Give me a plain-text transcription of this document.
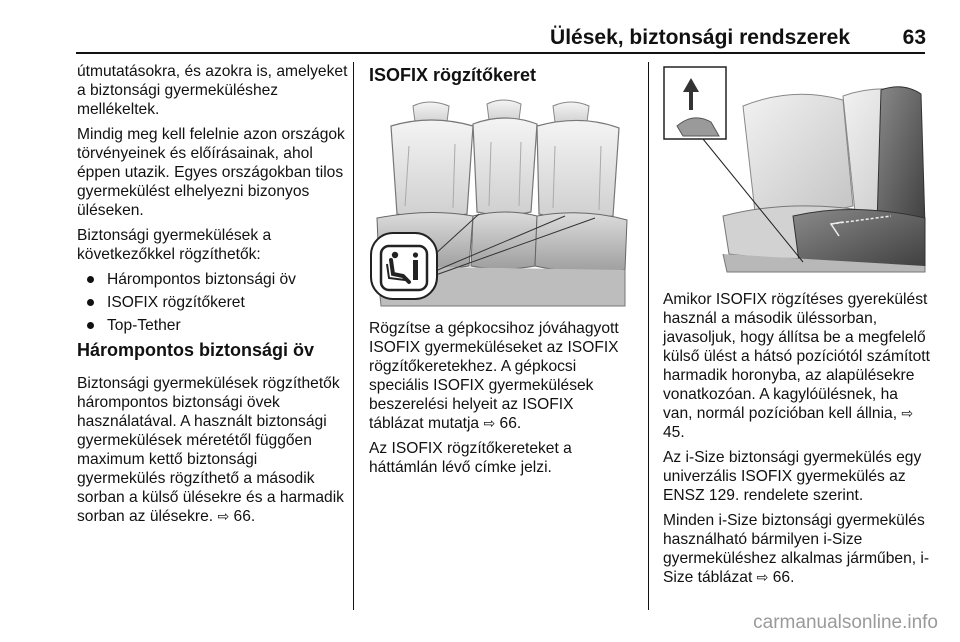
Ülések, biztonsági rendszerek	63

útmutatásokra, és azokra is, amelyeket a biztonsági gyermeküléshez mellékeltek.

Mindig meg kell felelnie azon országok törvényeinek és előírásainak, ahol éppen utazik. Egyes országokban tilos gyermekülést elhelyezni bizonyos üléseken.

Biztonsági gyermekülések a következőkkel rögzíthetők:

Hárompontos biztonsági öv
ISOFIX rögzítőkeret
Top-Tether
Hárompontos biztonsági öv

Biztonsági gyermekülések rögzíthetők hárompontos biztonsági övek használatával. A használt biztonsági gyermekülések méretétől függően maximum kettő biztonsági gyermekülés rögzíthető a második sorban a külső ülésekre és a harmadik sorban az ülésekre. ⇨ 66.

ISOFIX rögzítőkeret

Rögzítse a gépkocsihoz jóváhagyott ISOFIX gyermeküléseket az ISOFIX rögzítőkeretekhez. A gépkocsi speciális ISOFIX gyermekülések beszerelési helyeit az ISOFIX táblázat mutatja ⇨ 66.

Az ISOFIX rögzítőkereteket a háttámlán lévő címke jelzi.

Amikor ISOFIX rögzítéses gyerekülést használ a második üléssorban, javasoljuk, hogy állítsa be a megfelelő külső ülést a hátsó pozíciótól számított harmadik horonyba, az alapülésekre vonatkozóan. A kagylóülésnek, ha van, normál pozícióban kell állnia, ⇨ 45.

Az i-Size biztonsági gyermekülés egy univerzális ISOFIX gyermekülés az ENSZ 129. rendelete szerint.

Minden i-Size biztonsági gyermekülés használható bármilyen i-Size gyermeküléshez alkalmas járműben, i-Size táblázat ⇨ 66.

carmanualsonline.info
